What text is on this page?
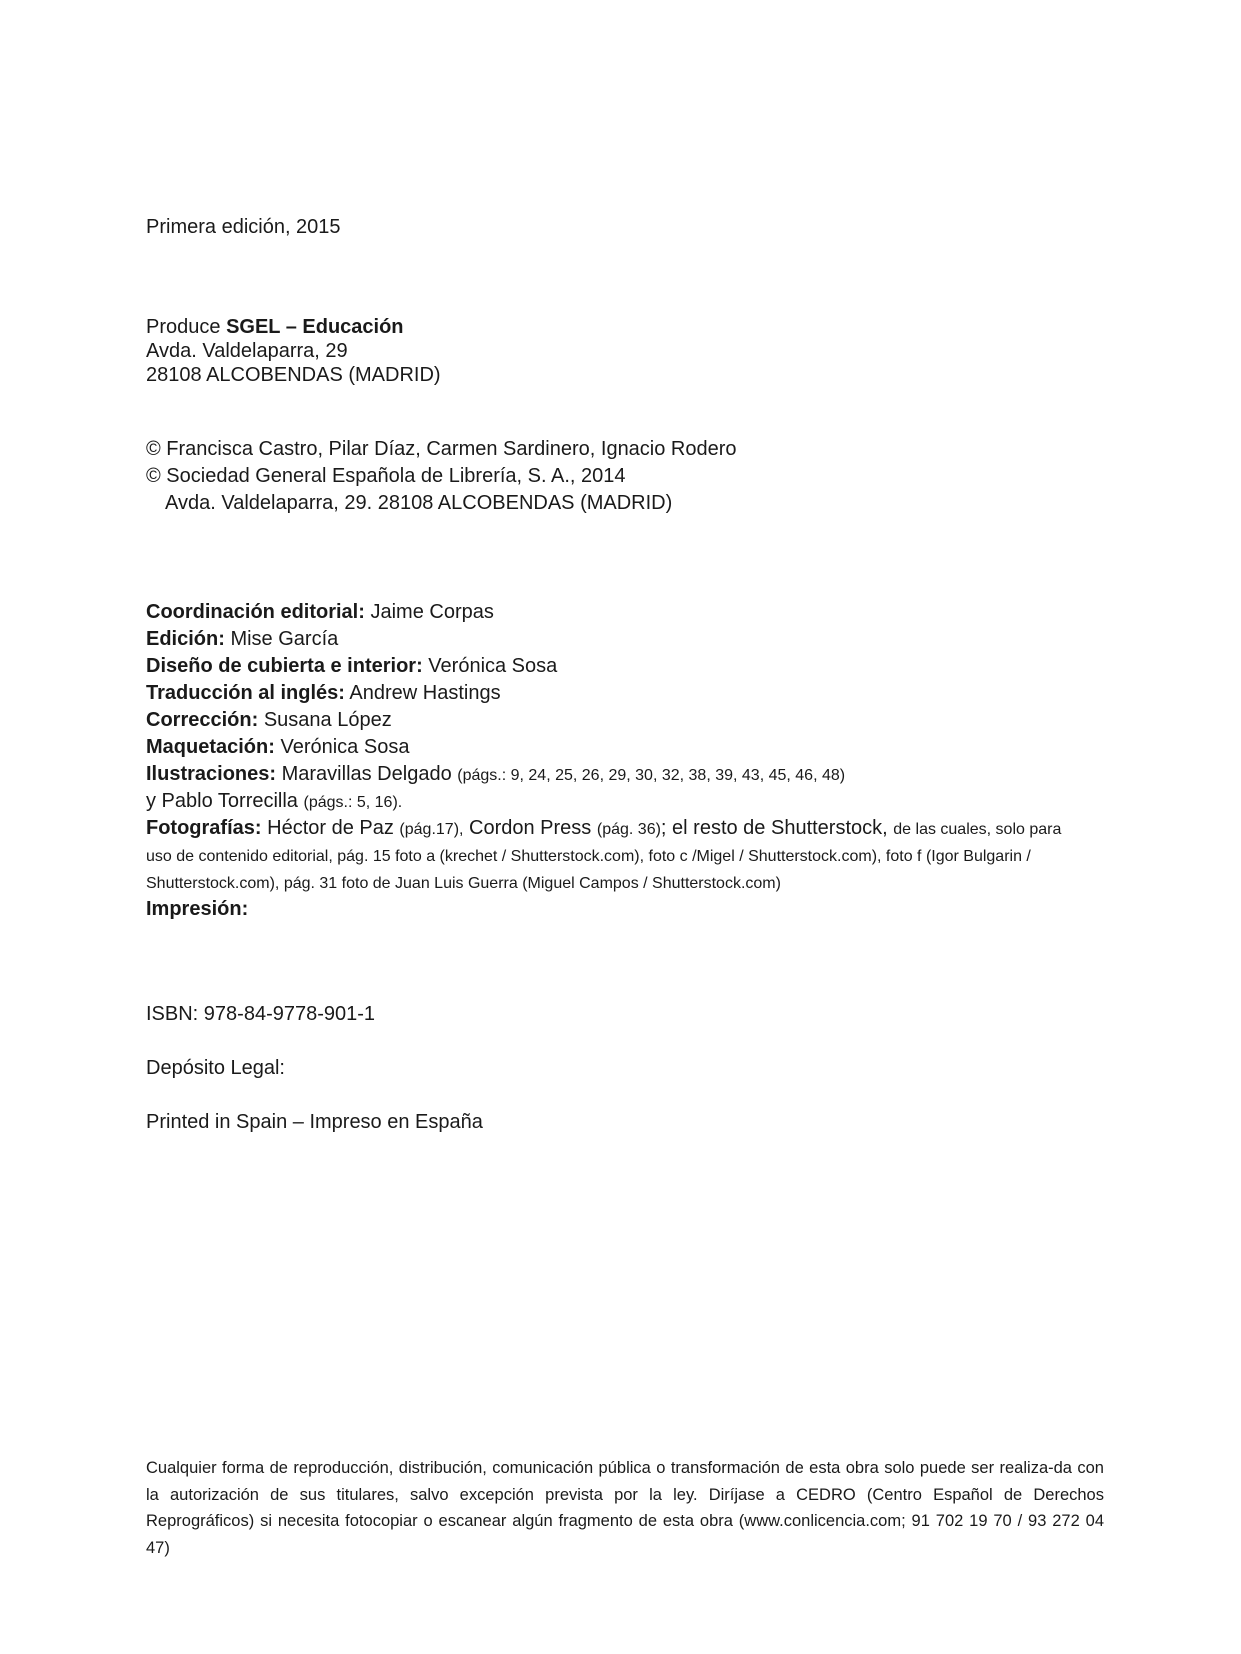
Primera edición, 2015
Produce SGEL – Educación
Avda. Valdelaparra, 29
28108 ALCOBENDAS (MADRID)
© Francisca Castro, Pilar Díaz, Carmen Sardinero, Ignacio Rodero
© Sociedad General Española de Librería, S. A., 2014
Avda. Valdelaparra, 29. 28108 ALCOBENDAS (MADRID)
Coordinación editorial: Jaime Corpas
Edición: Mise García
Diseño de cubierta e interior: Verónica Sosa
Traducción al inglés: Andrew Hastings
Corrección: Susana López
Maquetación: Verónica Sosa
Ilustraciones: Maravillas Delgado (págs.: 9, 24, 25, 26, 29, 30, 32, 38, 39, 43, 45, 46, 48)
y Pablo Torrecilla (págs.: 5, 16).
Fotografías: Héctor de Paz (pág.17), Cordon Press (pág. 36); el resto de Shutterstock, de las cuales, solo para
uso de contenido editorial, pág. 15 foto a (krechet / Shutterstock.com), foto c /Migel / Shutterstock.com), foto f (Igor Bulgarin /
Shutterstock.com), pág. 31 foto de Juan Luis Guerra (Miguel Campos / Shutterstock.com)
Impresión:
ISBN: 978-84-9778-901-1
Depósito Legal:
Printed in Spain – Impreso en España
Cualquier forma de reproducción, distribución, comunicación pública o transformación de esta obra solo puede ser realiza-da con la autorización de sus titulares, salvo excepción prevista por la ley. Diríjase a CEDRO (Centro Español de Derechos Reprográficos) si necesita fotocopiar o escanear algún fragmento de esta obra (www.conlicencia.com; 91 702 19 70 / 93 272 04 47)
